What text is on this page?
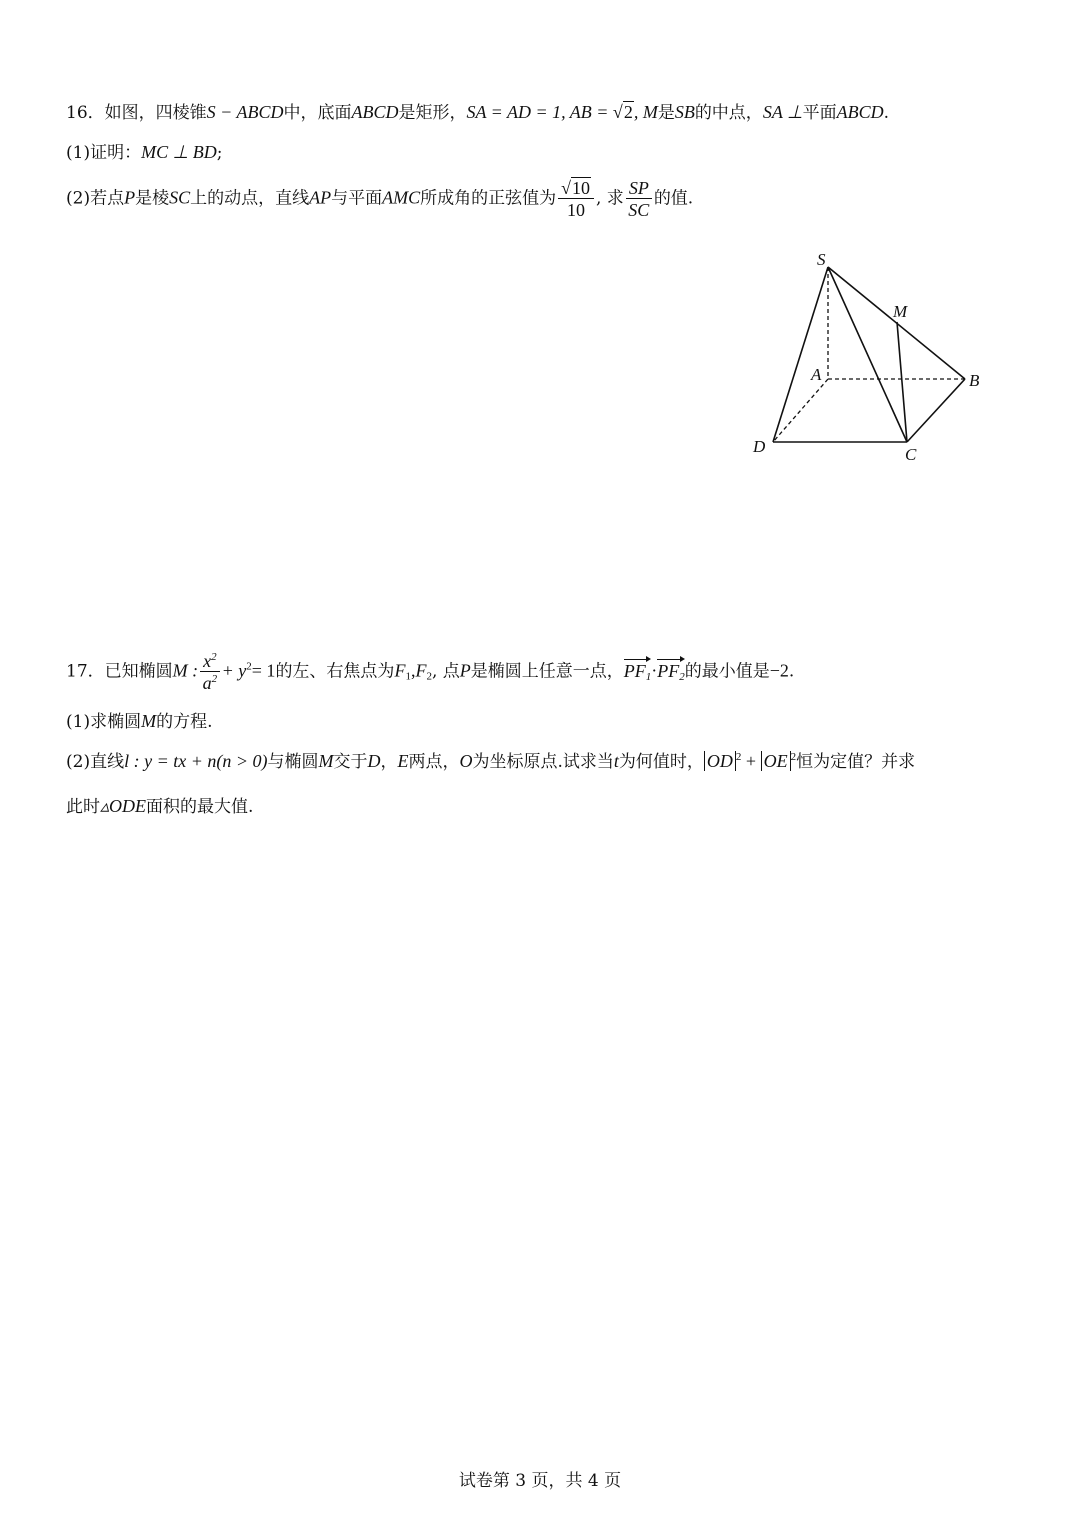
16．如图，四棱锥S − ABCD中，底面ABCD是矩形，SA = AD = 1, AB = √2, M是SB的中点，SA ⊥平面ABCD.
(1)证明：MC ⊥ BD;
(2)若点P是棱SC上的动点，直线AP与平面AMC所成角的正弦值为 $\frac{√10}{10}$ , 求 $\frac{SP}{SC}$ 的值.
S
M
A	B
C
D
17．已知椭圆M : $\frac{x^2}{a^2} + y^2= 1$的左、右焦点为$F_1,F_2$, 点P是椭圆上任意一点，$PF_1\cdot PF_2$的最小值是−2.
(1)求椭圆M的方程.
(2)直线l : y = tx + n(n > 0)与椭圆M交于D，E两点，O为坐标原点.试求当t为何值时， OD $^2$ + OE $^2$恒为定值？并求
此时▵ODE面积的最大值.
试卷第 3 页，共 4 页
